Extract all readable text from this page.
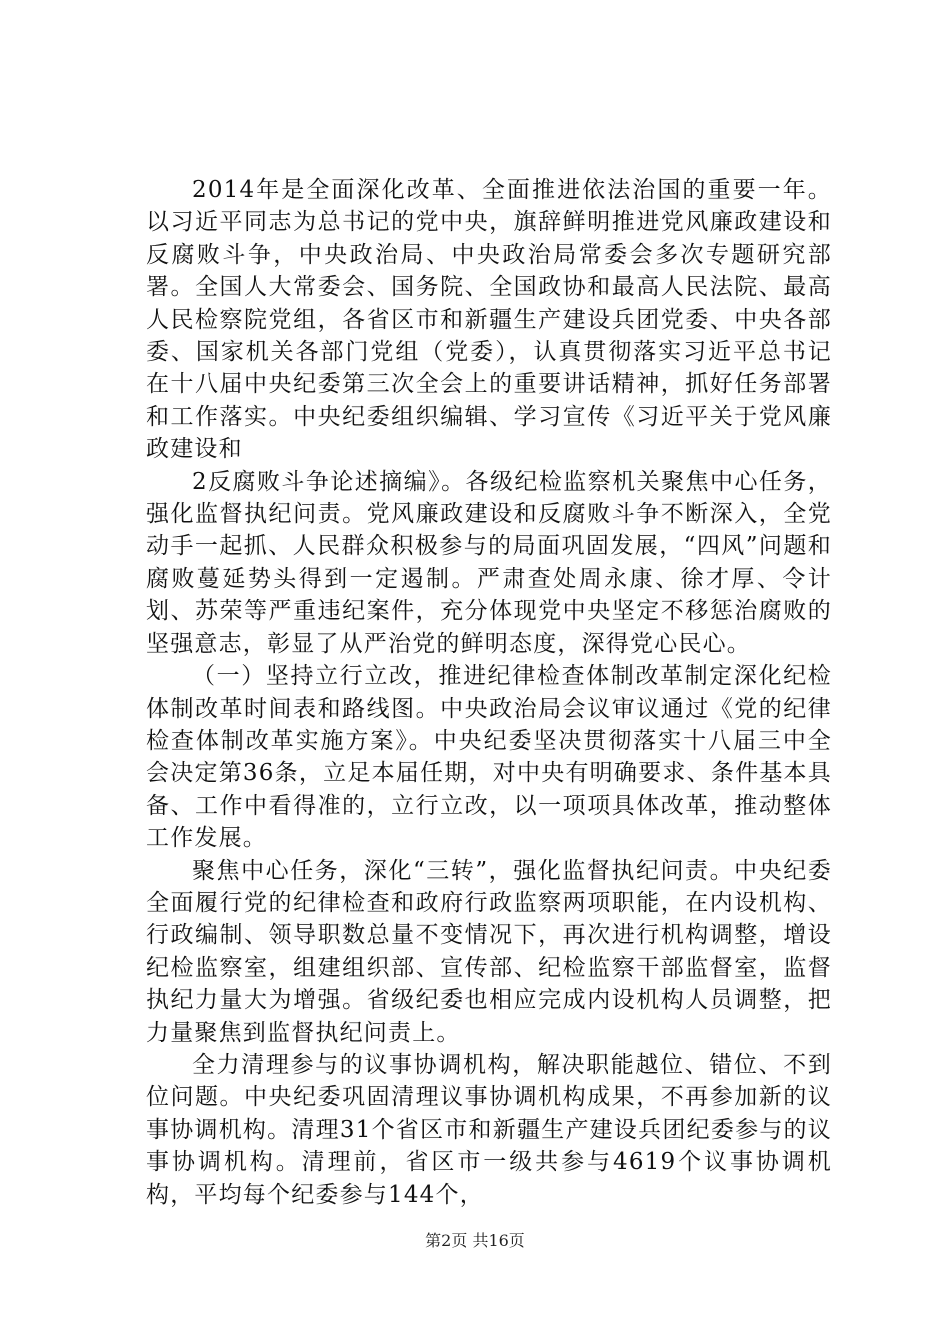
2014年是全面深化改革、全面推进依法治国的重要一年。以习近平同志为总书记的党中央，旗辞鲜明推进党风廉政建设和反腐败斗争，中央政治局、中央政治局常委会多次专题研究部署。全国人大常委会、国务院、全国政协和最高人民法院、最高人民检察院党组，各省区市和新疆生产建设兵团党委、中央各部委、国家机关各部门党组（党委），认真贯彻落实习近平总书记在十八届中央纪委第三次全会上的重要讲话精神，抓好任务部署和工作落实。中央纪委组织编辑、学习宣传《习近平关于党风廉政建设和

2反腐败斗争论述摘编》。各级纪检监察机关聚焦中心任务，强化监督执纪问责。党风廉政建设和反腐败斗争不断深入，全党动手一起抓、人民群众积极参与的局面巩固发展，“四风”问题和腐败蔓延势头得到一定遏制。严肃查处周永康、徐才厚、令计划、苏荣等严重违纪案件，充分体现党中央坚定不移惩治腐败的坚强意志，彰显了从严治党的鲜明态度，深得党心民心。

（一）坚持立行立改，推进纪律检查体制改革制定深化纪检体制改革时间表和路线图。中央政治局会议审议通过《党的纪律检查体制改革实施方案》。中央纪委坚决贯彻落实十八届三中全会决定第36条，立足本届任期，对中央有明确要求、条件基本具备、工作中看得准的，立行立改，以一项项具体改革，推动整体工作发展。

聚焦中心任务，深化“三转”，强化监督执纪问责。中央纪委全面履行党的纪律检查和政府行政监察两项职能，在内设机构、行政编制、领导职数总量不变情况下，再次进行机构调整，增设纪检监察室，组建组织部、宣传部、纪检监察干部监督室，监督执纪力量大为增强。省级纪委也相应完成内设机构人员调整，把力量聚焦到监督执纪问责上。

全力清理参与的议事协调机构，解决职能越位、错位、不到位问题。中央纪委巩固清理议事协调机构成果，不再参加新的议事协调机构。清理31个省区市和新疆生产建设兵团纪委参与的议事协调机构。清理前，省区市一级共参与4619个议事协调机构，平均每个纪委参与144个，

第2页 共16页
